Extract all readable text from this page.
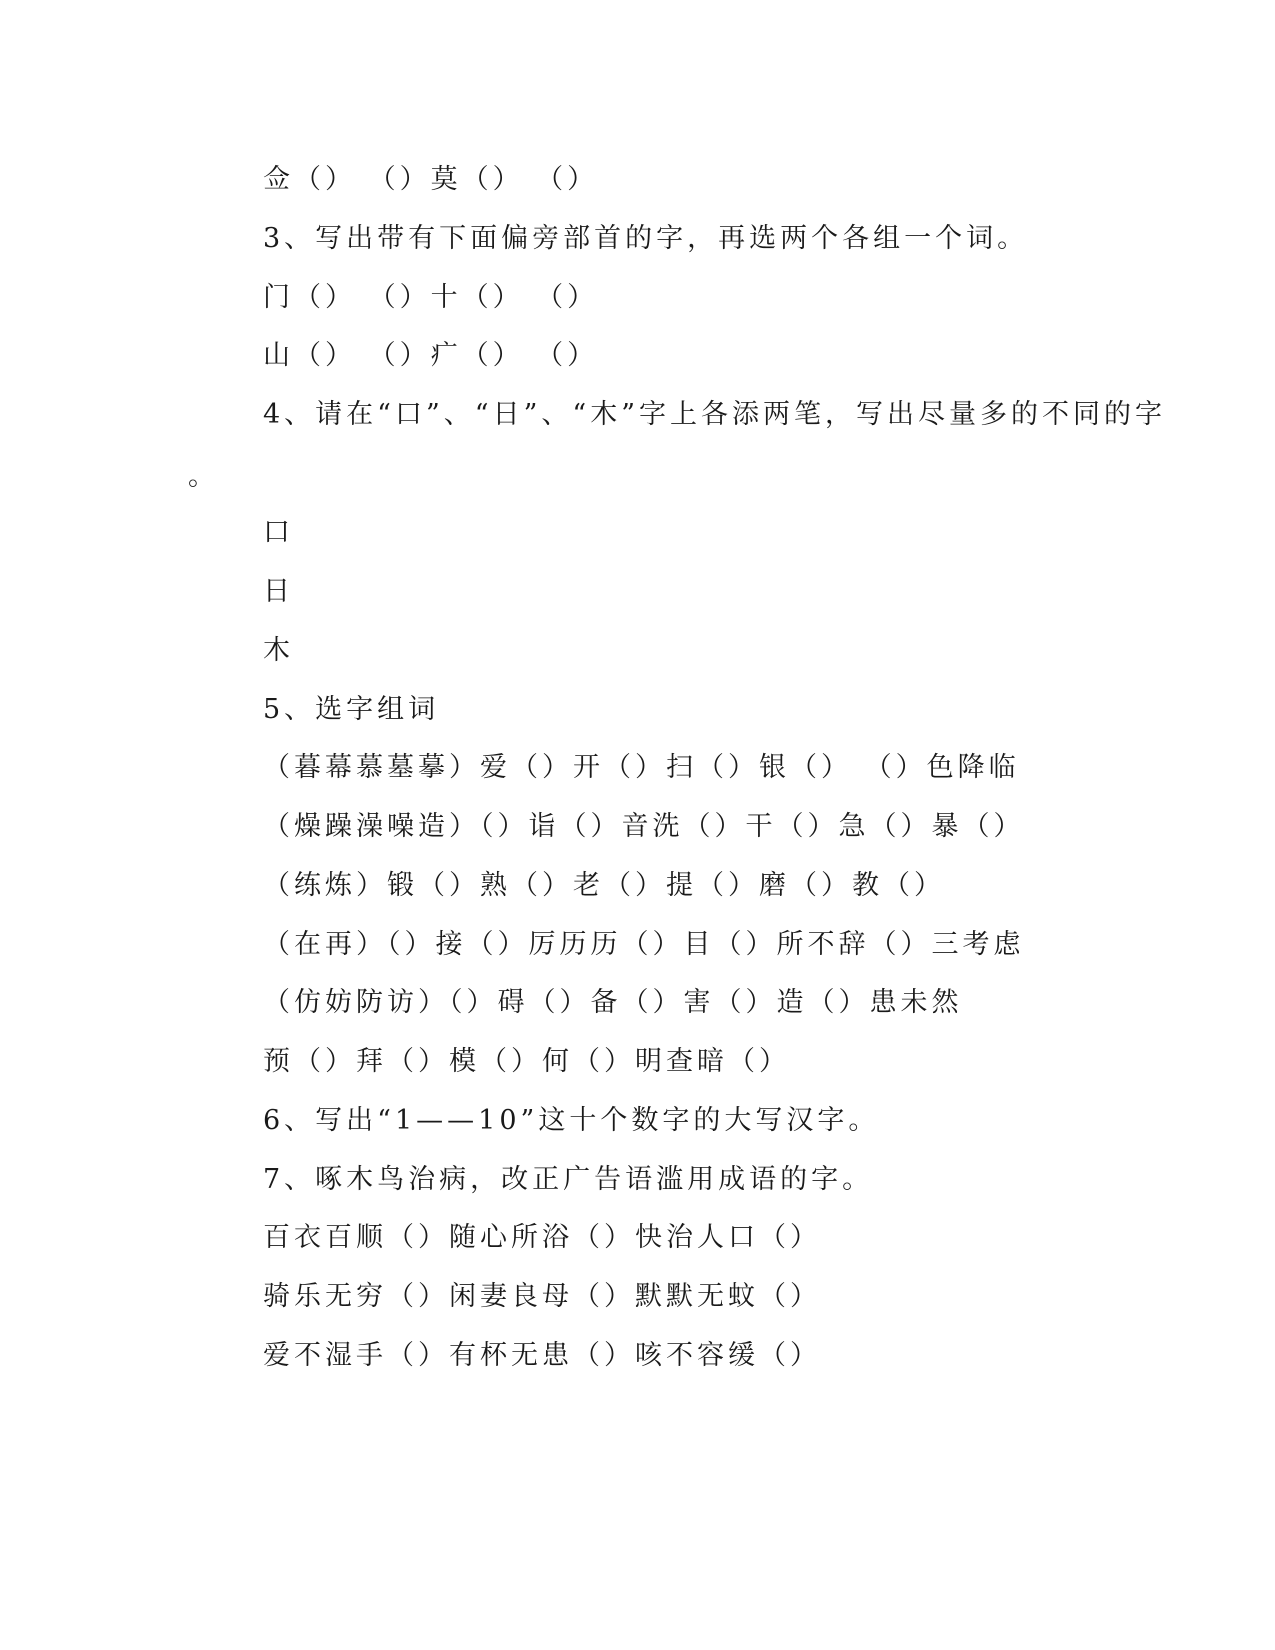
佥（） （）莫（） （）
3、写出带有下面偏旁部首的字，再选两个各组一个词。
门（） （）十（） （）
山（） （）疒（） （）
4、请在“口”、“日”、“木”字上各添两笔，写出尽量多的不同的字
。
口
日
木
5、选字组词
（暮幕慕墓摹）爱（）开（）扫（）银（） （）色降临
（燥躁澡噪造）（）诣（）音洗（）干（）急（）暴（）
（练炼）锻（）熟（）老（）提（）磨（）教（）
（在再）（）接（）厉历历（）目（）所不辞（）三考虑
（仿妨防访）（）碍（）备（）害（）造（）患未然
预（）拜（）模（）何（）明查暗（）
6、写出“1——10”这十个数字的大写汉字。
7、啄木鸟治病，改正广告语滥用成语的字。
百衣百顺（）随心所浴（）快治人口（）
骑乐无穷（）闲妻良母（）默默无蚊（）
爱不湿手（）有杯无患（）咳不容缓（）
